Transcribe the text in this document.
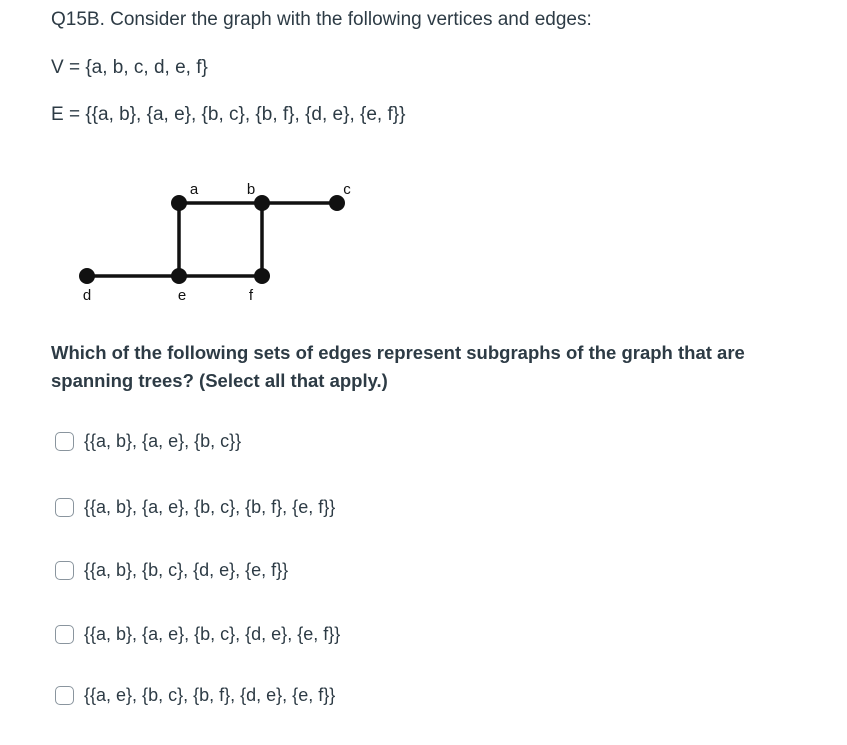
Q15B. Consider the graph with the following vertices and edges:
V = {a, b, c, d, e, f}
E = {{a, b}, {a, e}, {b, c}, {b, f}, {d, e}, {e, f}}
a	b	c
d	e	f
Which of the following sets of edges represent subgraphs of the graph that are spanning trees? (Select all that apply.)
{{a, b}, {a, e}, {b, c}}
{{a, b}, {a, e}, {b, c}, {b, f}, {e, f}}
{{a, b}, {b, c}, {d, e}, {e, f}}
{{a, b}, {a, e}, {b, c}, {d, e}, {e, f}}
{{a, e}, {b, c}, {b, f}, {d, e}, {e, f}}
